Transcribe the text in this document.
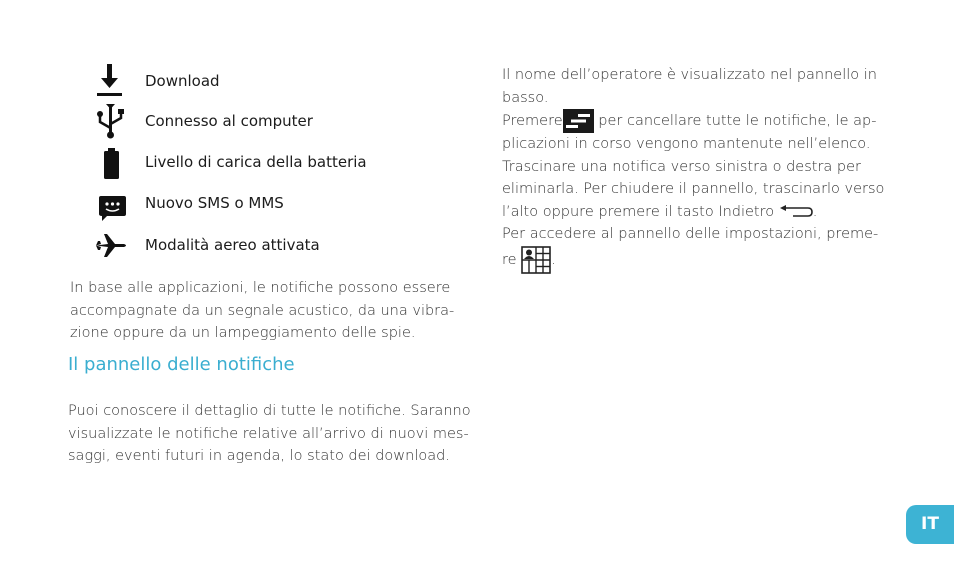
Download
Connesso al computer
Livello di carica della batteria
Nuovo SMS o MMS
Modalità aereo attivata
In base alle applicazioni, le notifiche possono essere
accompagnate da un segnale acustico, da una vibra-
zione oppure da un lampeggiamento delle spie.
Il pannello delle notifiche
Puoi conoscere il dettaglio di tutte le notifiche. Saranno
visualizzate le notifiche relative all’arrivo di nuovi mes-
saggi, eventi futuri in agenda, lo stato dei download.
Il nome dell’operatore è visualizzato nel pannello in
basso.
Premere
per cancellare tutte le notifiche, le ap-
plicazioni in corso vengono mantenute nell’elenco.
Trascinare una notifica verso sinistra o destra per
eliminarla. Per chiudere il pannello, trascinarlo verso
l’alto oppure premere il tasto Indietro
.
Per accedere al pannello delle impostazioni, preme-
re
.
IT
